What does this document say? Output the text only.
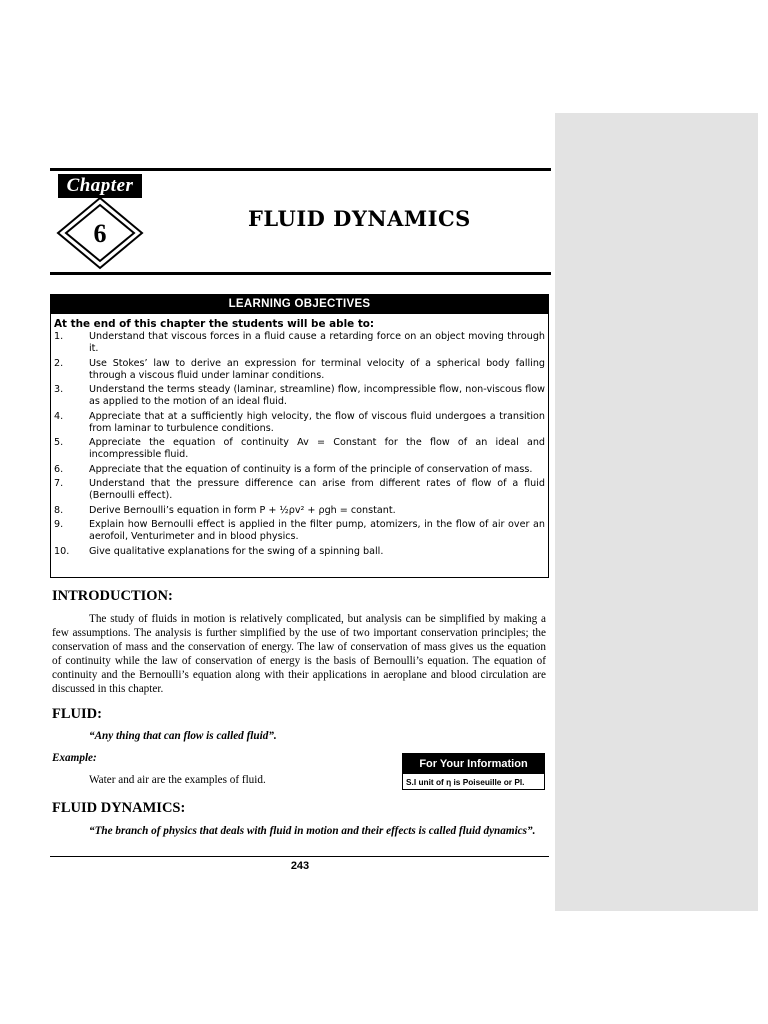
Chapter
6
FLUID DYNAMICS
LEARNING OBJECTIVES
At the end of this chapter the students will be able to:
1.	Understand that viscous forces in a fluid cause a retarding force on an object moving through it.
2.	Use Stokes’ law to derive an expression for terminal velocity of a spherical body falling through a viscous fluid under laminar conditions.
3.	Understand the terms steady (laminar, streamline) flow, incompressible flow, non-viscous flow as applied to the motion of an ideal fluid.
4.	Appreciate that at a sufficiently high velocity, the flow of viscous fluid undergoes a transition from laminar to turbulence conditions.
5.	Appreciate the equation of continuity Av = Constant for the flow of an ideal and incompressible fluid.
6.	Appreciate that the equation of continuity is a form of the principle of conservation of mass.
7.	Understand that the pressure difference can arise from different rates of flow of a fluid (Bernoulli effect).
8.	Derive Bernoulli’s equation in form P + ½ρv² + ρgh = constant.
9.	Explain how Bernoulli effect is applied in the filter pump, atomizers, in the flow of air over an aerofoil, Venturimeter and in blood physics.
10. Give qualitative explanations for the swing of a spinning ball.
INTRODUCTION:

The study of fluids in motion is relatively complicated, but analysis can be simplified by making a few assumptions. The analysis is further simplified by the use of two important conservation principles; the conservation of mass and the conservation of energy. The law of conservation of mass gives us the equation of continuity while the law of conservation of energy is the basis of Bernoulli’s equation. The equation of continuity and the Bernoulli’s equation along with their applications in aeroplane and blood circulation are discussed in this chapter.

FLUID:

“Any thing that can flow is called fluid”.

Example:

Water and air are the examples of fluid.

For Your Information
S.I unit of η is Poiseuille or Pl.
FLUID DYNAMICS:

“The branch of physics that deals with fluid in motion and their effects is called fluid dynamics”.

243
